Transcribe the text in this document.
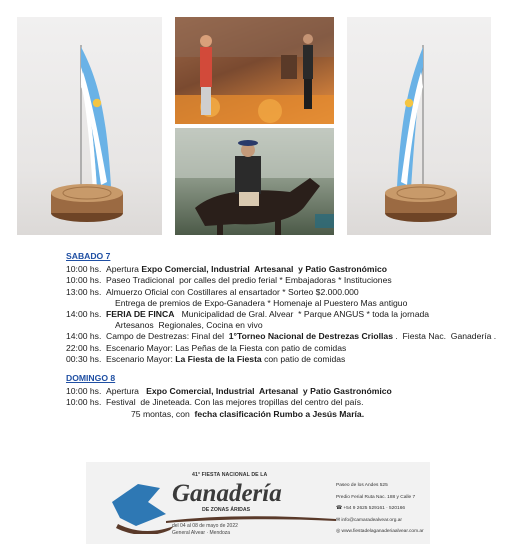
SABADO 7
10:00 hs. Apertura Expo Comercial, Industrial  Artesanal  y Patio Gastronómico
10:00 hs. Paseo Tradicional  por calles del predio ferial * Embajadoras * Instituciones
13:00 hs. Almuerzo Oficial con Costillares al ensartador * Sorteo $2.000.000
Entrega de premios de Expo-Ganadera * Homenaje al Puestero Mas antiguo
14:00 hs. FERIA DE FINCA   Municipalidad de Gral. Alvear  * Parque ANGUS * toda la jornada
Artesanos  Regionales, Cocina en vivo
14:00 hs. Campo de Destrezas: Final del  1°Torneo Nacional de Destrezas Criollas .  Fiesta Nac.  Ganadería .
22:00 hs. Escenario Mayor: Las Peñas de la Fiesta con patio de comidas
00:30 hs. Escenario Mayor: La Fiesta de la Fiesta con patio de comidas
DOMINGO 8
10:00 hs. Apertura   Expo Comercial, Industrial  Artesanal  y Patio Gastronómico
10:00 hs. Festival  de Jineteada. Con las mejores tropillas del centro del país.
75 montas, con  fecha clasificación Rumbo a Jesús María.
41° FIESTA NACIONAL DE LA
Ganadería
DE ZONAS ÁRIDAS
del 04 al 08 de mayo de 2022
General Alvear · Mendoza
Paseo de los Andes 525
Predio Ferial Ruta Nac. 188 y Calle 7
☎ +54 9 2625 529161 · 520166
✉ info@camaradealvear.org.ar
◎ www.fiestadelaganaderiaalvear.com.ar
